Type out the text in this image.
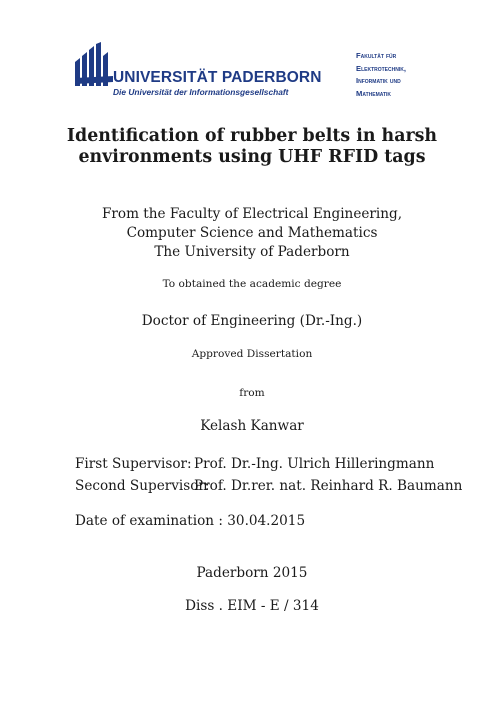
UNIVERSITÄT PADERBORN
Die Universität der Informationsgesellschaft
Fakultät für
Elektrotechnik,
Informatik und
Mathematik
Identification of rubber belts in harsh
environments using UHF RFID tags
From the Faculty of Electrical Engineering,
Computer Science and Mathematics
The University of Paderborn
To obtained the academic degree
Doctor of Engineering (Dr.-Ing.)
Approved Dissertation
from
Kelash Kanwar
First Supervisor: Prof. Dr.-Ing. Ulrich Hilleringmann
Second Supervisor:Prof. Dr.rer. nat. Reinhard R. Baumann
Date of examination : 30.04.2015
Paderborn 2015
Diss . EIM - E / 314
